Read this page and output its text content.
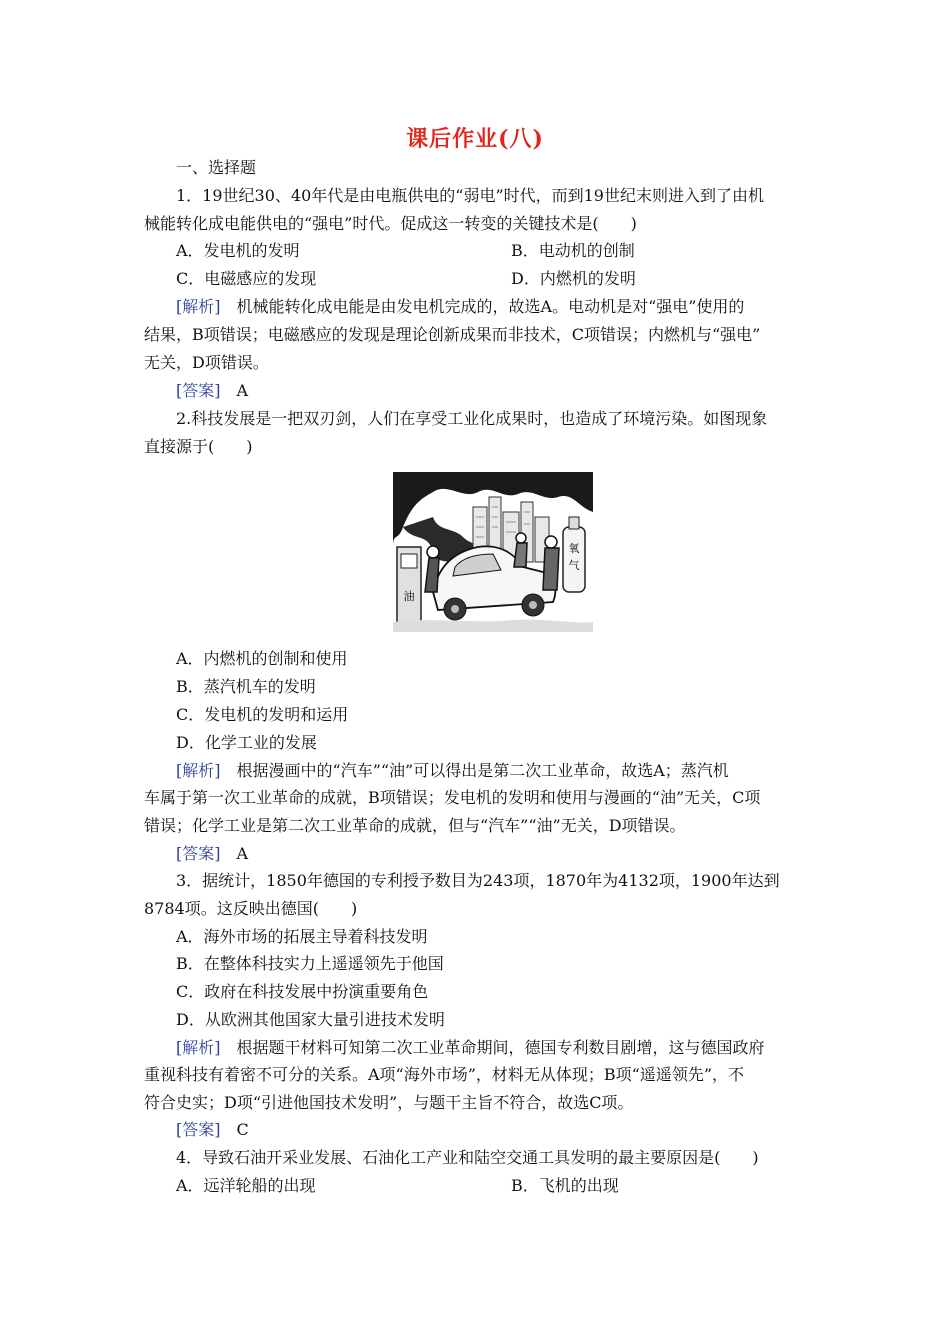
课后作业(八)
一、选择题
1．19世纪30、40年代是由电瓶供电的“弱电”时代，而到19世纪末则进入到了由机
械能转化成电能供电的“强电”时代。促成这一转变的关键技术是(　　)
A．发电机的发明	B．电动机的创制
C．电磁感应的发现	D．内燃机的发明
[解析]　 机械能转化成电能是由发电机完成的，故选A。电动机是对“强电”使用的
结果，B项错误；电磁感应的发现是理论创新成果而非技术，C项错误；内燃机与“强电”
无关，D项错误。
[答案]　 A
2.科技发展是一把双刃剑，人们在享受工业化成果时，也造成了环境污染。如图现象
直接源于(　　)
氧
气
油
A．内燃机的创制和使用
B．蒸汽机车的发明
C．发电机的发明和运用
D．化学工业的发展
[解析]　 根据漫画中的“汽车”“油”可以得出是第二次工业革命，故选A；蒸汽机
车属于第一次工业革命的成就，B项错误；发电机的发明和使用与漫画的“油”无关，C项
错误；化学工业是第二次工业革命的成就，但与“汽车”“油”无关，D项错误。
[答案]　 A
3．据统计，1850年德国的专利授予数目为243项，1870年为4132项，1900年达到
8784项。这反映出德国(　　)
A．海外市场的拓展主导着科技发明
B．在整体科技实力上遥遥领先于他国
C．政府在科技发展中扮演重要角色
D．从欧洲其他国家大量引进技术发明
[解析]　 根据题干材料可知第二次工业革命期间，德国专利数目剧增，这与德国政府
重视科技有着密不可分的关系。A项“海外市场”，材料无从体现；B项“遥遥领先”，不
符合史实；D项“引进他国技术发明”，与题干主旨不符合，故选C项。
[答案]　 C
4．导致石油开采业发展、石油化工产业和陆空交通工具发明的最主要原因是(　　)
A．远洋轮船的出现	B．飞机的出现
